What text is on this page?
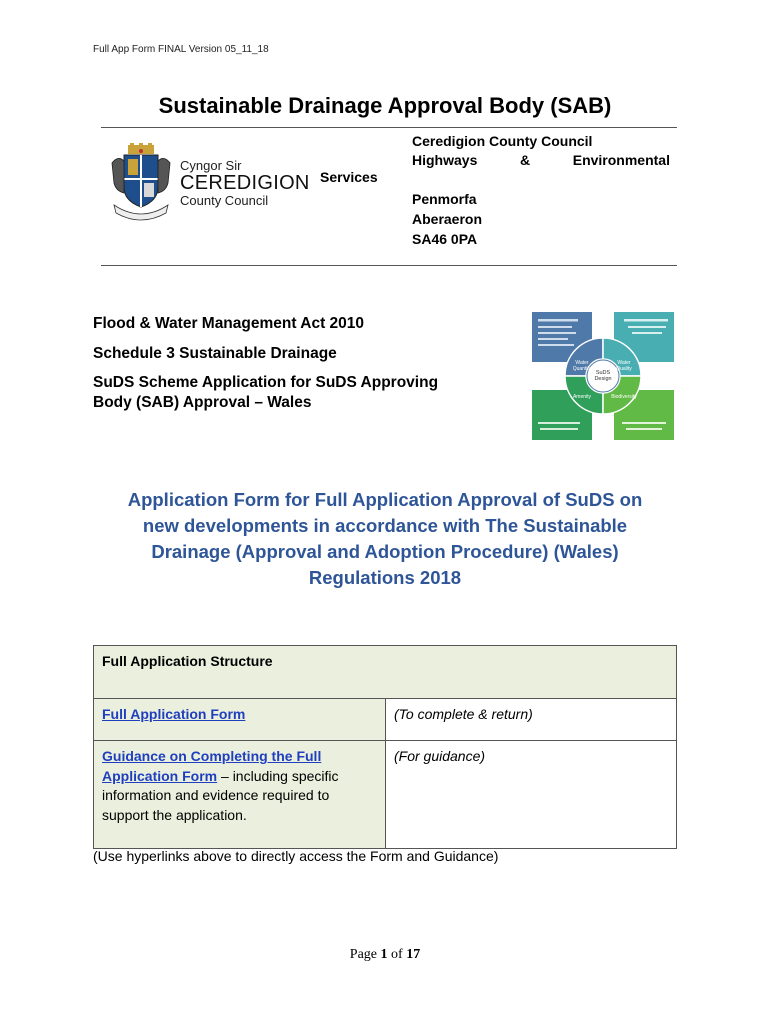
Full App Form FINAL Version 05_11_18
Sustainable Drainage Approval Body (SAB)
Cyngor Sir
CEREDIGION
County Council
Services
Ceredigion County Council
Highways	&	Environmental
Penmorfa
Aberaeron
SA46 0PA
Flood & Water Management Act 2010
Schedule 3 Sustainable Drainage
SuDS Scheme Application for SuDS Approving
Body (SAB) Approval – Wales
SuDS Design
Water Quantity
Water Quality
Amenity	Biodiversity
Application Form for Full Application Approval of SuDS on
new developments in accordance with The Sustainable
Drainage (Approval and Adoption Procedure) (Wales)
Regulations 2018
Full Application Structure	
Full Application Form	(To complete & return)
Guidance on Completing the Full
Application Form – including specific information and evidence required to support the application.	(For guidance)
(Use hyperlinks above to directly access the Form and Guidance)
Page 1 of 17
